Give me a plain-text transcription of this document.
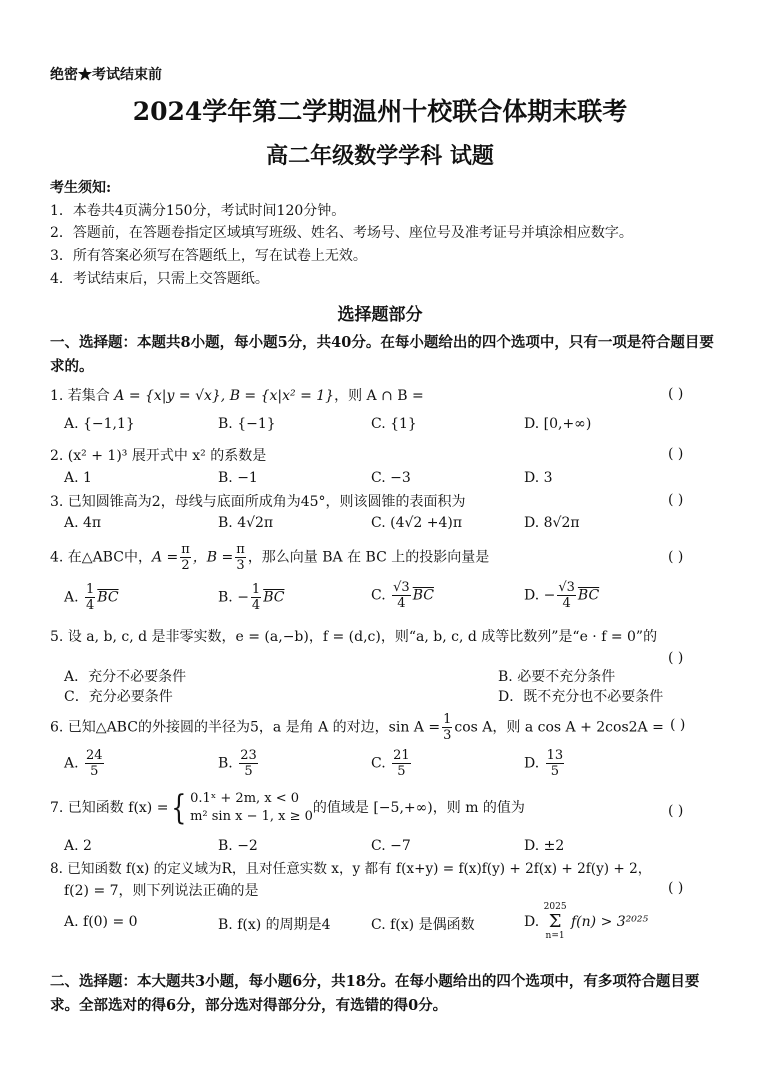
绝密★考试结束前
2024学年第二学期温州十校联合体期末联考
高二年级数学学科 试题
考生须知:
1．本卷共4页满分150分，考试时间120分钟。
2．答题前，在答题卷指定区域填写班级、姓名、考场号、座位号及准考证号并填涂相应数字。
3．所有答案必须写在答题纸上，写在试卷上无效。
4．考试结束后，只需上交答题纸。
选择题部分
一、选择题：本题共8小题，每小题5分，共40分。在每小题给出的四个选项中，只有一项是符合题目要求的。
1. 若集合 A = {x|y = √x}, B = {x|x² = 1}，则 A ∩ B =	( )
A. {−1,1}	B. {−1}	C. {1}	D. [0,+∞)
2. (x² + 1)³ 展开式中 x² 的系数是	( )
A. 1	B. −1	C. −3	D. 3
3. 已知圆锥高为2，母线与底面所成角为45°，则该圆锥的表面积为	( )
A. 4π	B. 4√2π	C. (4√2 +4)π	D. 8√2π
4. 在△ABC中，$A = \frac{\pi}{2}$ ，$B = \frac{\pi}{3}$ ，那么向量 BA 在 BC 上的投影向量是	( )
A. $\frac{1}{4} \overline{BC}$	B. − $\frac{1}{4} \overline{BC}$	C. $\frac{√3}{4} \overline{BC}$	D. − $\frac{√3}{4} \overline{BC}$
5. 设 a, b, c, d 是非零实数，e = (a,−b)，f = (d,c)，则“a, b, c, d 成等比数列”是“e · f = 0”的
( )
A．充分不必要条件	B. 必要不充分条件
C．充分必要条件	D．既不充分也不必要条件
6. 已知△ABC的外接圆的半径为5，a 是角 A 的对边，$\sin A = \frac{1}{3}$ cos A，则 a cos A + 2cos2A = ( )
A. $\frac{24}{5}$	B. $\frac{23}{5}$	C. $\frac{21}{5}$	D. $\frac{13}{5}$
7. 已知函数 f(x) ={ 0.1ˣ + 2m, x < 0
m² sin x − 1, x ≥ 0
的值域是 [−5,+∞)，则 m 的值为	( )
A. 2	B. −2	C. −7	D. ±2
8. 已知函数 f(x) 的定义域为R，且对任意实数 x，y 都有 f(x+y) = f(x)f(y) + 2f(x) + 2f(y) + 2，
f(2) = 7，则下列说法正确的是	( )
A. f(0) = 0	B. f(x) 的周期是4	C. f(x) 是偶函数	D.
2025
Σ
n=1
f(n) > 3²⁰²⁵
二、选择题：本大题共3小题，每小题6分，共18分。在每小题给出的四个选项中，有多项符合题目要求。全部选对的得6分，部分选对得部分分，有选错的得0分。
